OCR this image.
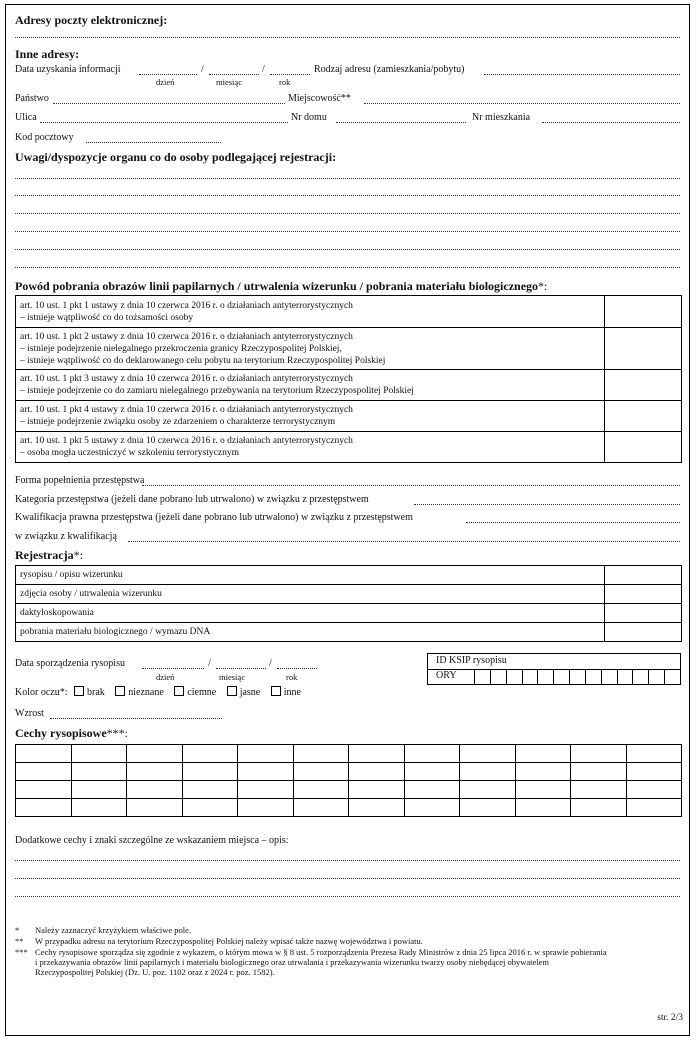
Adresy poczty elektronicznej:
Inne adresy:
Data uzyskania informacji	/	/
dzień	miesiąc	rok
Rodzaj adresu (zamieszkania/pobytu)
Państwo	Miejscowość**
Ulica	Nr domu	Nr mieszkania
Kod pocztowy
Uwagi/dyspozycje organu co do osoby podlegającej rejestracji:
Powód pobrania obrazów linii papilarnych / utrwalenia wizerunku / pobrania materiału biologicznego*:
art. 10 ust. 1 pkt 1 ustawy z dnia 10 czerwca 2016 r. o działaniach antyterrorystycznych
– istnieje wątpliwość co do tożsamości osoby	

art. 10 ust. 1 pkt 2 ustawy z dnia 10 czerwca 2016 r. o działaniach antyterrorystycznych
– istnieje podejrzenie nielegalnego przekroczenia granicy Rzeczypospolitej Polskiej,
– istnieje wątpliwość co do deklarowanego celu pobytu na terytorium Rzeczypospolitej Polskiej	

art. 10 ust. 1 pkt 3 ustawy z dnia 10 czerwca 2016 r. o działaniach antyterrorystycznych
– istnieje podejrzenie co do zamiaru nielegalnego przebywania na terytorium Rzeczypospolitej Polskiej	

art. 10 ust. 1 pkt 4 ustawy z dnia 10 czerwca 2016 r. o działaniach antyterrorystycznych
– istnieje podejrzenie związku osoby ze zdarzeniem o charakterze terrorystycznym	

art. 10 ust. 1 pkt 5 ustawy z dnia 10 czerwca 2016 r. o działaniach antyterrorystycznych
– osoba mogła uczestniczyć w szkoleniu terrorystycznym	

Forma popełnienia przestępstwa
Kategoria przestępstwa (jeżeli dane pobrano lub utrwalono) w związku z przestępstwem
Kwalifikacja prawna przestępstwa (jeżeli dane pobrano lub utrwalono) w związku z przestępstwem
w związku z kwalifikacją
Rejestracja*:
rysopisu / opisu wizerunku	
zdjęcia osoby / utrwalenia wizerunku	
daktyloskopowania	
pobrania materiału biologicznego / wymazu DNA	
Data sporządzenia rysopisu	/	/
dzień	miesiąc	rok
ID KSIP rysopisu
ORY
Kolor oczu*: brak nieznane ciemne jasne inne
Wzrost
Cechy rysopisowe***:

Dodatkowe cechy i znaki szczególne ze wskazaniem miejsca – opis:
* Należy zaznaczyć krzyżykiem właściwe pole.
** W przypadku adresu na terytorium Rzeczypospolitej Polskiej należy wpisać także nazwę województwa i powiatu.
*** Cechy rysopisowe sporządza się zgodnie z wykazem, o którym mowa w § 8 ust. 5 rozporządzenia Prezesa Rady Ministrów z dnia 25 lipca 2016 r. w sprawie pobierania
i przekazywania obrazów linii papilarnych i materiału biologicznego oraz utrwalania i przekazywania wizerunku twarzy osoby niebędącej obywatelem
Rzeczypospolitej Polskiej (Dz. U. poz. 1102 oraz z 2024 r. poz. 1582).
str. 2/3
